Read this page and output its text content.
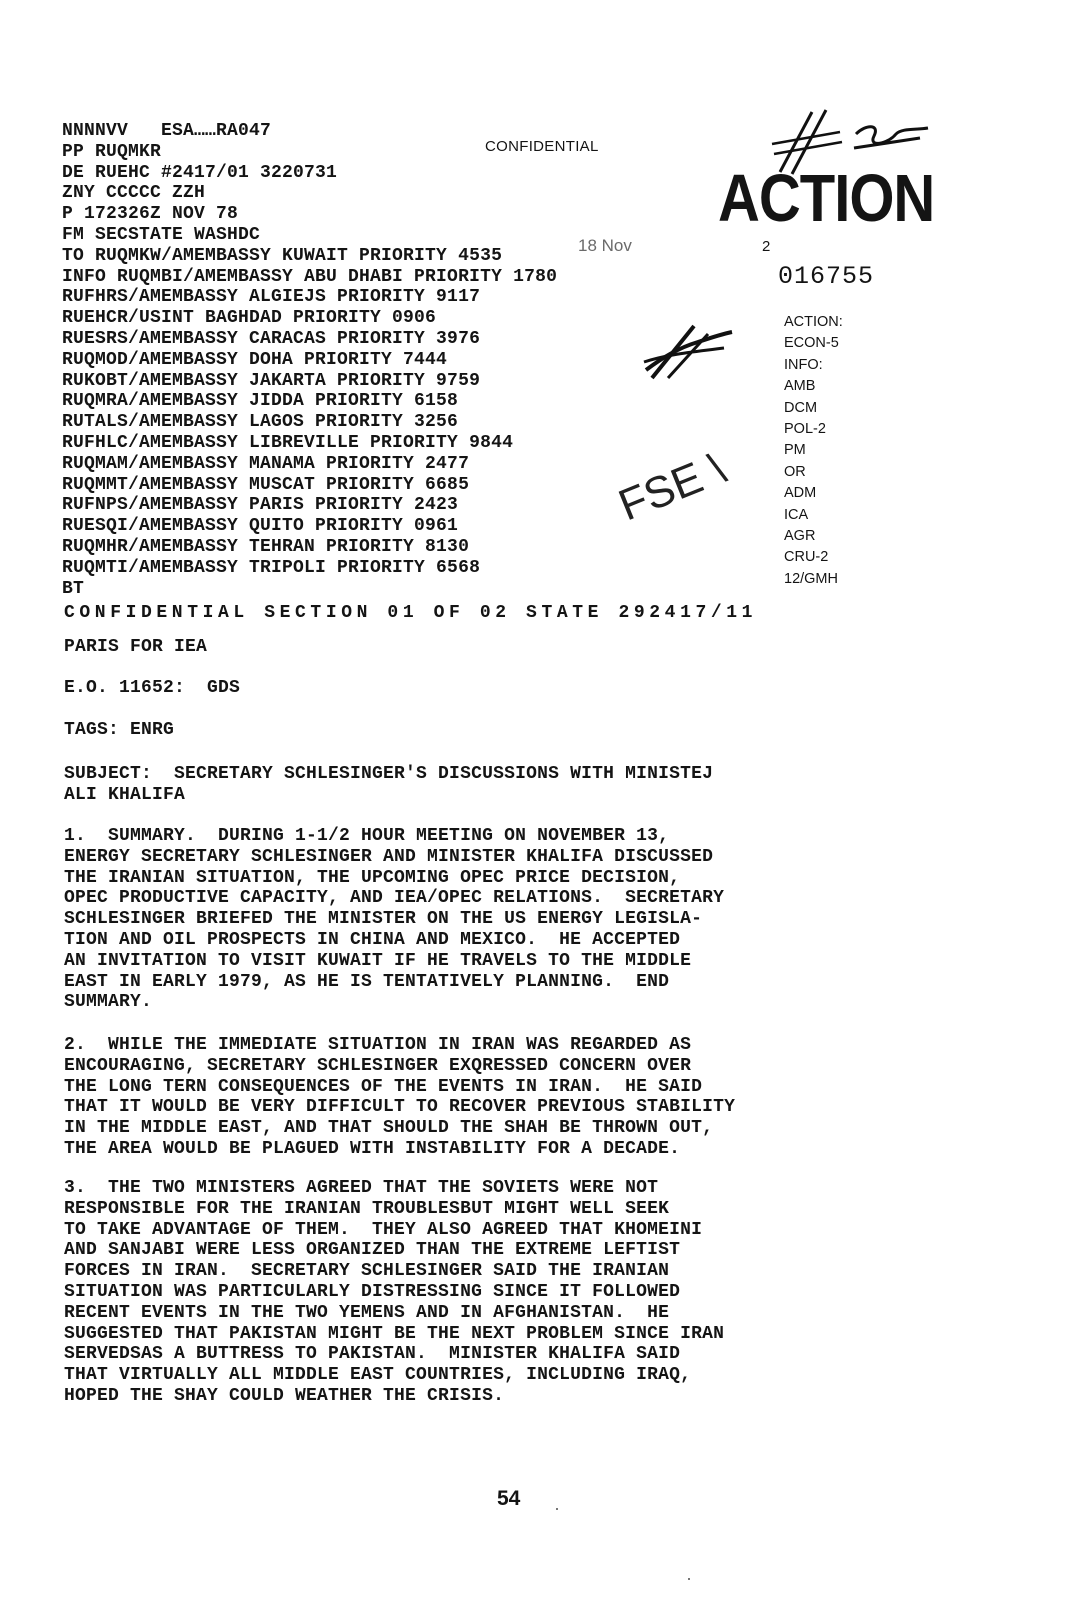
NNNNVV   ESA……RA047
PP RUQMKR
DE RUEHC #2417/01 3220731
ZNY CCCCC ZZH
P 172326Z NOV 78
FM SECSTATE WASHDC
TO RUQMKW/AMEMBASSY KUWAIT PRIORITY 4535
INFO RUQMBI/AMEMBASSY ABU DHABI PRIORITY 1780
RUFHRS/AMEMBASSY ALGIEJS PRIORITY 9117
RUEHCR/USINT BAGHDAD PRIORITY 0906
RUESRS/AMEMBASSY CARACAS PRIORITY 3976
RUQMOD/AMEMBASSY DOHA PRIORITY 7444
RUKOBT/AMEMBASSY JAKARTA PRIORITY 9759
RUQMRA/AMEMBASSY JIDDA PRIORITY 6158
RUTALS/AMEMBASSY LAGOS PRIORITY 3256
RUFHLC/AMEMBASSY LIBREVILLE PRIORITY 9844
RUQMAM/AMEMBASSY MANAMA PRIORITY 2477
RUQMMT/AMEMBASSY MUSCAT PRIORITY 6685
RUFNPS/AMEMBASSY PARIS PRIORITY 2423
RUESQI/AMEMBASSY QUITO PRIORITY 0961
RUQMHR/AMEMBASSY TEHRAN PRIORITY 8130
RUQMTI/AMEMBASSY TRIPOLI PRIORITY 6568
BT
CONFIDENTIAL
18 Nov	2
ACTION
016755
ACTION:
ECON-5
INFO:
AMB
DCM
POL-2
PM
OR
ADM
ICA
AGR
CRU-2
12/GMH
FSE \
CONFIDENTIAL SECTION 01 OF 02 STATE 292417/11
PARIS FOR IEA
E.O. 11652:  GDS
TAGS: ENRG
SUBJECT:  SECRETARY SCHLESINGER'S DISCUSSIONS WITH MINISTEJ
ALI KHALIFA
1.  SUMMARY.  DURING 1-1/2 HOUR MEETING ON NOVEMBER 13,
ENERGY SECRETARY SCHLESINGER AND MINISTER KHALIFA DISCUSSED
THE IRANIAN SITUATION, THE UPCOMING OPEC PRICE DECISION,
OPEC PRODUCTIVE CAPACITY, AND IEA/OPEC RELATIONS.  SECRETARY
SCHLESINGER BRIEFED THE MINISTER ON THE US ENERGY LEGISLA-
TION AND OIL PROSPECTS IN CHINA AND MEXICO.  HE ACCEPTED
AN INVITATION TO VISIT KUWAIT IF HE TRAVELS TO THE MIDDLE
EAST IN EARLY 1979, AS HE IS TENTATIVELY PLANNING.  END
SUMMARY.
2.  WHILE THE IMMEDIATE SITUATION IN IRAN WAS REGARDED AS
ENCOURAGING, SECRETARY SCHLESINGER EXQRESSED CONCERN OVER
THE LONG TERN CONSEQUENCES OF THE EVENTS IN IRAN.  HE SAID
THAT IT WOULD BE VERY DIFFICULT TO RECOVER PREVIOUS STABILITY
IN THE MIDDLE EAST, AND THAT SHOULD THE SHAH BE THROWN OUT,
THE AREA WOULD BE PLAGUED WITH INSTABILITY FOR A DECADE.
3.  THE TWO MINISTERS AGREED THAT THE SOVIETS WERE NOT
RESPONSIBLE FOR THE IRANIAN TROUBLESBUT MIGHT WELL SEEK
TO TAKE ADVANTAGE OF THEM.  THEY ALSO AGREED THAT KHOMEINI
AND SANJABI WERE LESS ORGANIZED THAN THE EXTREME LEFTIST
FORCES IN IRAN.  SECRETARY SCHLESINGER SAID THE IRANIAN
SITUATION WAS PARTICULARLY DISTRESSING SINCE IT FOLLOWED
RECENT EVENTS IN THE TWO YEMENS AND IN AFGHANISTAN.  HE
SUGGESTED THAT PAKISTAN MIGHT BE THE NEXT PROBLEM SINCE IRAN
SERVEDSAS A BUTTRESS TO PAKISTAN.  MINISTER KHALIFA SAID
THAT VIRTUALLY ALL MIDDLE EAST COUNTRIES, INCLUDING IRAQ,
HOPED THE SHAY COULD WEATHER THE CRISIS.
54
